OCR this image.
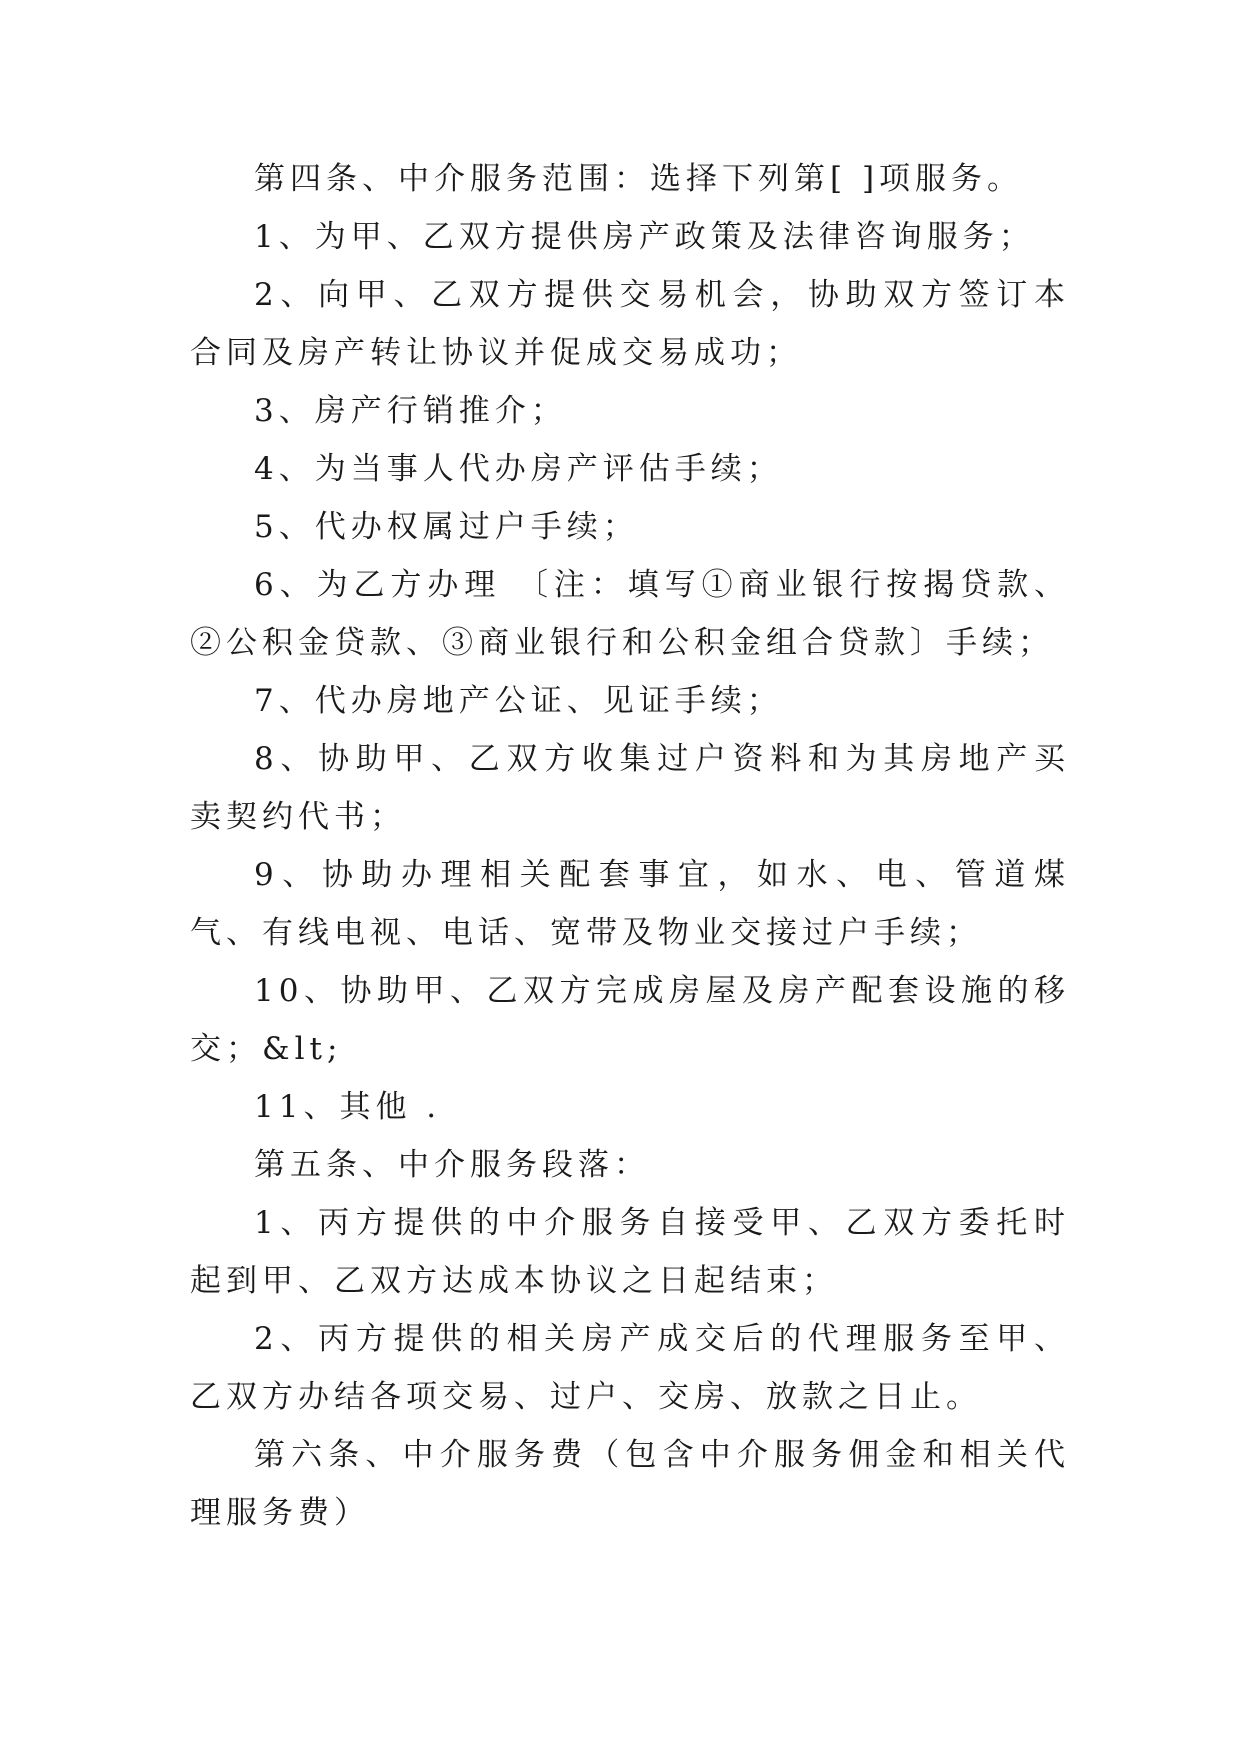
第四条、中介服务范围：选择下列第[ ]项服务。

1、为甲、乙双方提供房产政策及法律咨询服务；

2、向甲、乙双方提供交易机会，协助双方签订本合同及房产转让协议并促成交易成功；

3、房产行销推介；

4、为当事人代办房产评估手续；

5、代办权属过户手续；

6、为乙方办理 〔注：填写①商业银行按揭贷款、②公积金贷款、③商业银行和公积金组合贷款〕手续；

7、代办房地产公证、见证手续；

8、协助甲、乙双方收集过户资料和为其房地产买卖契约代书；

9、协助办理相关配套事宜，如水、电、管道煤气、有线电视、电话、宽带及物业交接过户手续；

10、协助甲、乙双方完成房屋及房产配套设施的移交；&lt;

11、其他 .

第五条、中介服务段落：

1、丙方提供的中介服务自接受甲、乙双方委托时起到甲、乙双方达成本协议之日起结束；

2、丙方提供的相关房产成交后的代理服务至甲、乙双方办结各项交易、过户、交房、放款之日止。

第六条、中介服务费（包含中介服务佣金和相关代理服务费）
